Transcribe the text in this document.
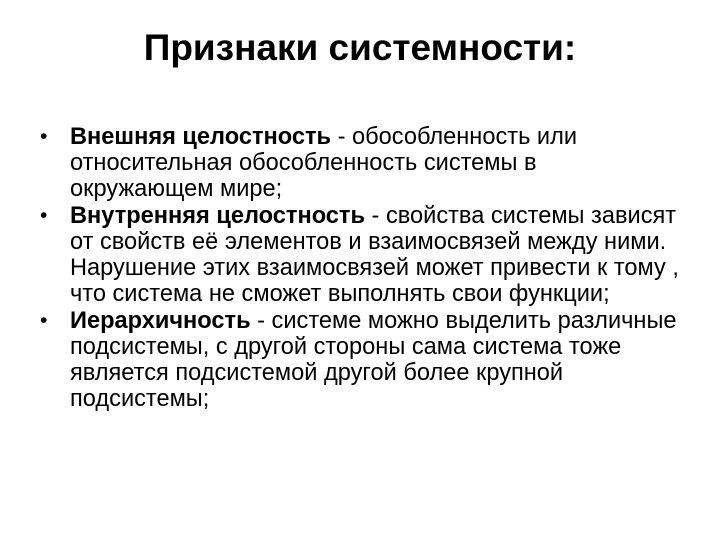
Признаки системности:
• Внешняя целостность - обособленность или относительная обособленность системы в окружающем мире;
• Внутренняя целостность - свойства системы зависят от свойств её элементов и взаимосвязей между ними. Нарушение этих взаимосвязей может привести к тому , что система не сможет выполнять свои функции;
• Иерархичность - системе можно выделить различные подсистемы, с другой стороны сама система тоже является подсистемой другой более крупной подсистемы;
